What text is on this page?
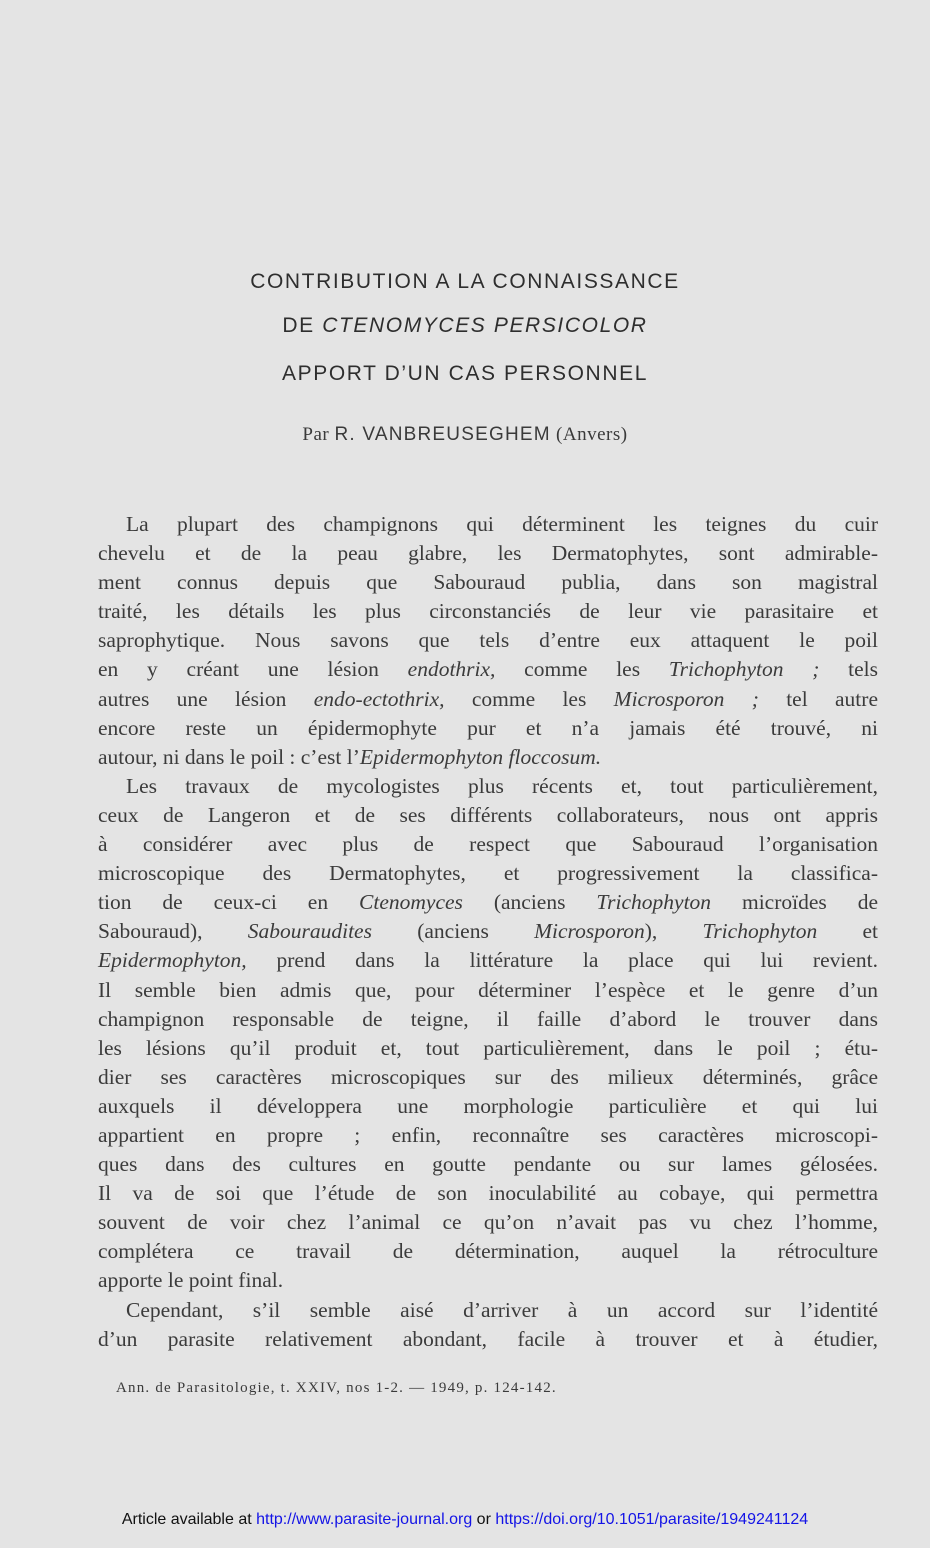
CONTRIBUTION A LA CONNAISSANCE
DE CTENOMYCES PERSICOLOR
APPORT D’UN CAS PERSONNEL
Par R. VANBREUSEGHEM (Anvers)
La plupart des champignons qui déterminent les teignes du cuir
chevelu et de la peau glabre, les Dermatophytes, sont admirable-
ment connus depuis que Sabouraud publia, dans son magistral
traité, les détails les plus circonstanciés de leur vie parasitaire et
saprophytique. Nous savons que tels d’entre eux attaquent le poil
en y créant une lésion endothrix, comme les Trichophyton ; tels
autres une lésion endo-ectothrix, comme les Microsporon ; tel autre
encore reste un épidermophyte pur et n’a jamais été trouvé, ni
autour, ni dans le poil : c’est l’Epidermophyton floccosum.
Les travaux de mycologistes plus récents et, tout particulièrement,
ceux de Langeron et de ses différents collaborateurs, nous ont appris
à considérer avec plus de respect que Sabouraud l’organisation
microscopique des Dermatophytes, et progressivement la classifica-
tion de ceux-ci en Ctenomyces (anciens Trichophyton microïdes de
Sabouraud), Sabouraudites (anciens Microsporon), Trichophyton et
Epidermophyton, prend dans la littérature la place qui lui revient.
Il semble bien admis que, pour déterminer l’espèce et le genre d’un
champignon responsable de teigne, il faille d’abord le trouver dans
les lésions qu’il produit et, tout particulièrement, dans le poil ; étu-
dier ses caractères microscopiques sur des milieux déterminés, grâce
auxquels il développera une morphologie particulière et qui lui
appartient en propre ; enfin, reconnaître ses caractères microscopi-
ques dans des cultures en goutte pendante ou sur lames gélosées.
Il va de soi que l’étude de son inoculabilité au cobaye, qui permettra
souvent de voir chez l’animal ce qu’on n’avait pas vu chez l’homme,
complétera ce travail de détermination, auquel la rétroculture
apporte le point final.
Cependant, s’il semble aisé d’arriver à un accord sur l’identité
d’un parasite relativement abondant, facile à trouver et à étudier,
Ann. de Parasitologie, t. XXIV, nos 1-2. — 1949, p. 124-142.
Article available at http://www.parasite-journal.org or https://doi.org/10.1051/parasite/1949241124
